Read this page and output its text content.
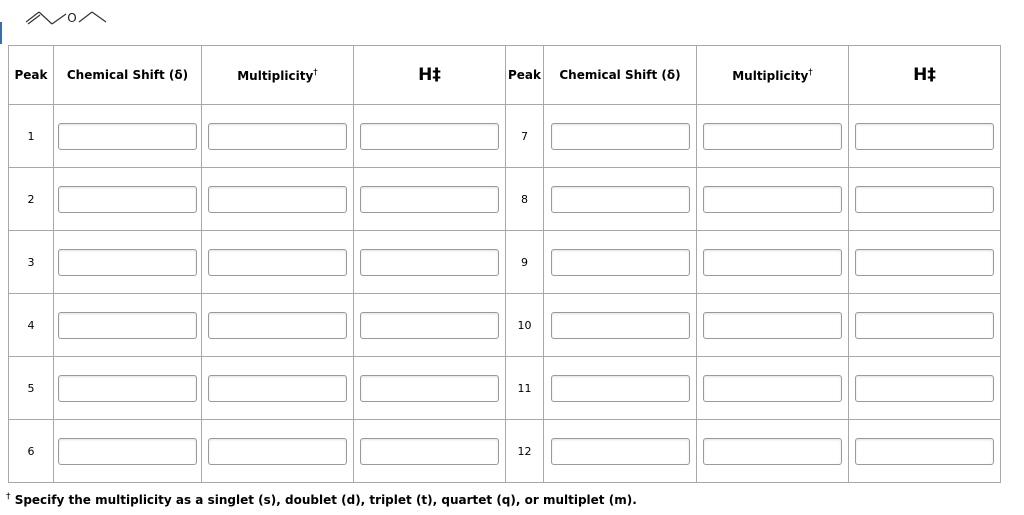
O
Peak	Chemical Shift (δ)	Multiplicity†	H‡	Peak	Chemical Shift (δ)	Multiplicity†	H‡
1				7	

2				8	

3				9	

4				10	

5				11	

6				12	

† Specify the multiplicity as a singlet (s), doublet (d), triplet (t), quartet (q), or multiplet (m).
